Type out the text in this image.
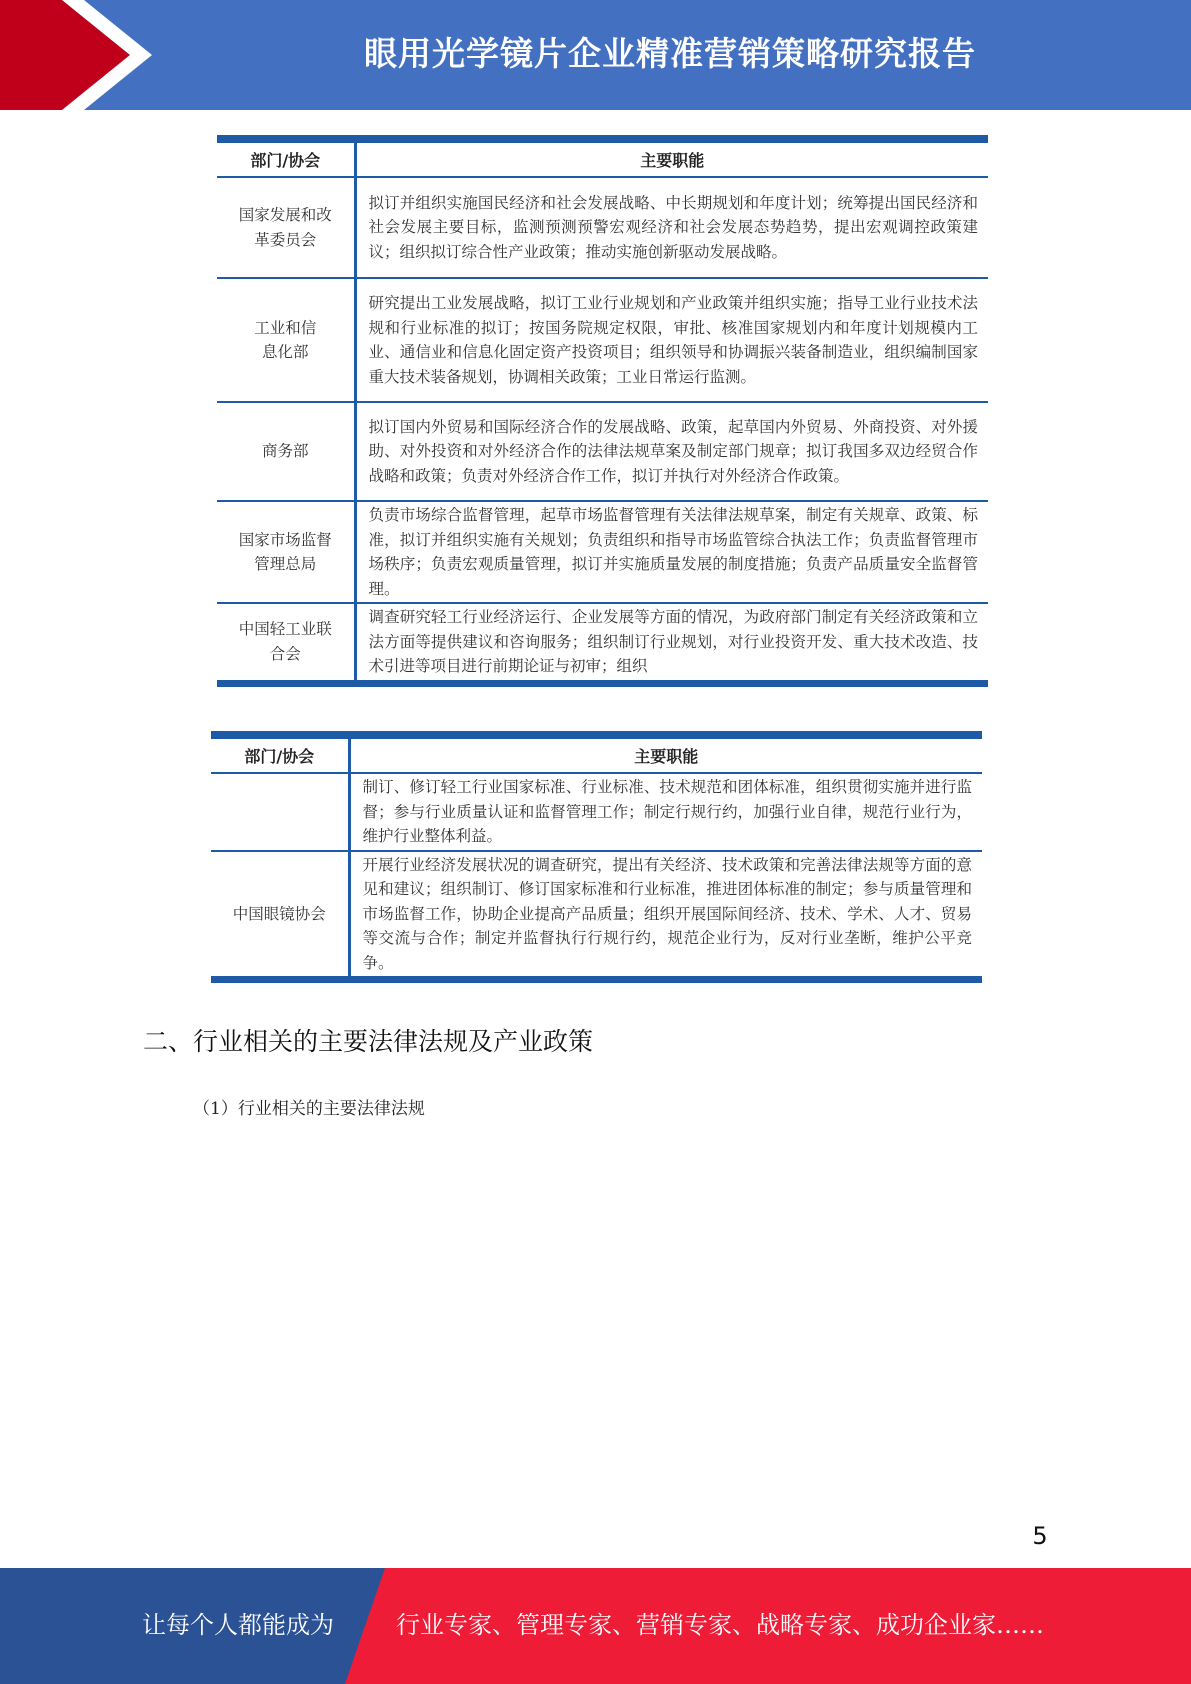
眼用光学镜片企业精准营销策略研究报告
部门/协会	主要职能
国家发展和改革委员会	拟订并组织实施国民经济和社会发展战略、中长期规划和年度计划；统筹提出国民经济和社会发展主要目标，监测预测预警宏观经济和社会发展态势趋势，提出宏观调控政策建议；组织拟订综合性产业政策；推动实施创新驱动发展战略。
工业和信息化部	研究提出工业发展战略，拟订工业行业规划和产业政策并组织实施；指导工业行业技术法规和行业标准的拟订；按国务院规定权限，审批、核准国家规划内和年度计划规模内工业、通信业和信息化固定资产投资项目；组织领导和协调振兴装备制造业，组织编制国家重大技术装备规划，协调相关政策；工业日常运行监测。
商务部	拟订国内外贸易和国际经济合作的发展战略、政策，起草国内外贸易、外商投资、对外援助、对外投资和对外经济合作的法律法规草案及制定部门规章；拟订我国多双边经贸合作战略和政策；负责对外经济合作工作，拟订并执行对外经济合作政策。
国家市场监督管理总局	负责市场综合监督管理，起草市场监督管理有关法律法规草案，制定有关规章、政策、标准，拟订并组织实施有关规划；负责组织和指导市场监管综合执法工作；负责监督管理市场秩序；负责宏观质量管理，拟订并实施质量发展的制度措施；负责产品质量安全监督管理。
中国轻工业联合会	调查研究轻工行业经济运行、企业发展等方面的情况，为政府部门制定有关经济政策和立法方面等提供建议和咨询服务；组织制订行业规划，对行业投资开发、重大技术改造、技术引进等项目进行前期论证与初审；组织
部门/协会	主要职能
	制订、修订轻工行业国家标准、行业标准、技术规范和团体标准，组织贯彻实施并进行监督；参与行业质量认证和监督管理工作；制定行规行约，加强行业自律，规范行业行为，维护行业整体利益。
中国眼镜协会	开展行业经济发展状况的调查研究，提出有关经济、技术政策和完善法律法规等方面的意见和建议；组织制订、修订国家标准和行业标准，推进团体标准的制定；参与质量管理和市场监督工作，协助企业提高产品质量；组织开展国际间经济、技术、学术、人才、贸易等交流与合作；制定并监督执行行规行约，规范企业行为，反对行业垄断，维护公平竞争。
二、行业相关的主要法律法规及产业政策
（1）行业相关的主要法律法规
5
让每个人都能成为	行业专家、管理专家、营销专家、战略专家、成功企业家……
